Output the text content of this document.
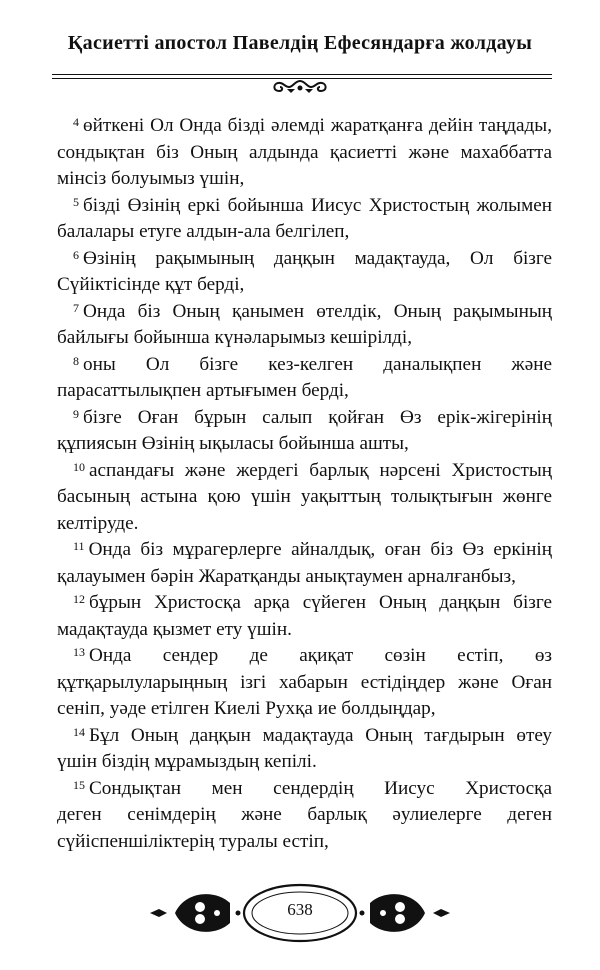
Қасиетті апостол Павелдің Ефесяндарға жолдауы
$^4$ өйткені Ол Онда бізді әлемді жаратқанға дейін таңдады,
сондықтан біз Оның алдында қасиетті және махаббатта
мінсіз болуымыз үшін,
$^5$ бізді Өзінің еркі бойынша Иисус Христостың жолымен
балалары етуге алдын-ала белгілеп,
$^6$ Өзінің рақымының даңқын мадақтауда, Ол бізге
Сүйіктісінде құт берді,
$^7$ Онда біз Оның қанымен өтелдік, Оның рақымының
байлығы бойынша күнәларымыз кешірілді,
$^8$ оны Ол бізге кез-келген даналықпен және
парасаттылықпен артығымен берді,
$^9$ бізге Оған бұрын салып қойған Өз ерік-жігерінің
құпиясын Өзінің ықыласы бойынша ашты,
$^{10}$ аспандағы және жердегі барлық нәрсені Христостың
басының астына қою үшін уақыттың толықтығын жөнге
келтіруде.
$^{11}$ Онда біз мұрагерлерге айналдық, оған біз Өз еркінің
қалауымен бәрін Жаратқанды анықтаумен арналғанбыз,
$^{12}$ бұрын Христосқа арқа сүйеген Оның даңқын бізге
мадақтауда қызмет ету үшін.
$^{13}$ Онда сендер де ақиқат сөзін естіп, өз
құтқарылуларыңның ізгі хабарын естідіңдер және Оған
сеніп, уәде етілген Киелі Рухқа ие болдыңдар,
$^{14}$ Бұл Оның даңқын мадақтауда Оның тағдырын өтеу
үшін біздің мұрамыздың кепілі.
$^{15}$ Сондықтан мен сендердің Иисус Христосқа
деген сенімдерің және барлық әулиелерге деген
сүйіспеншіліктерің туралы естіп,
638
